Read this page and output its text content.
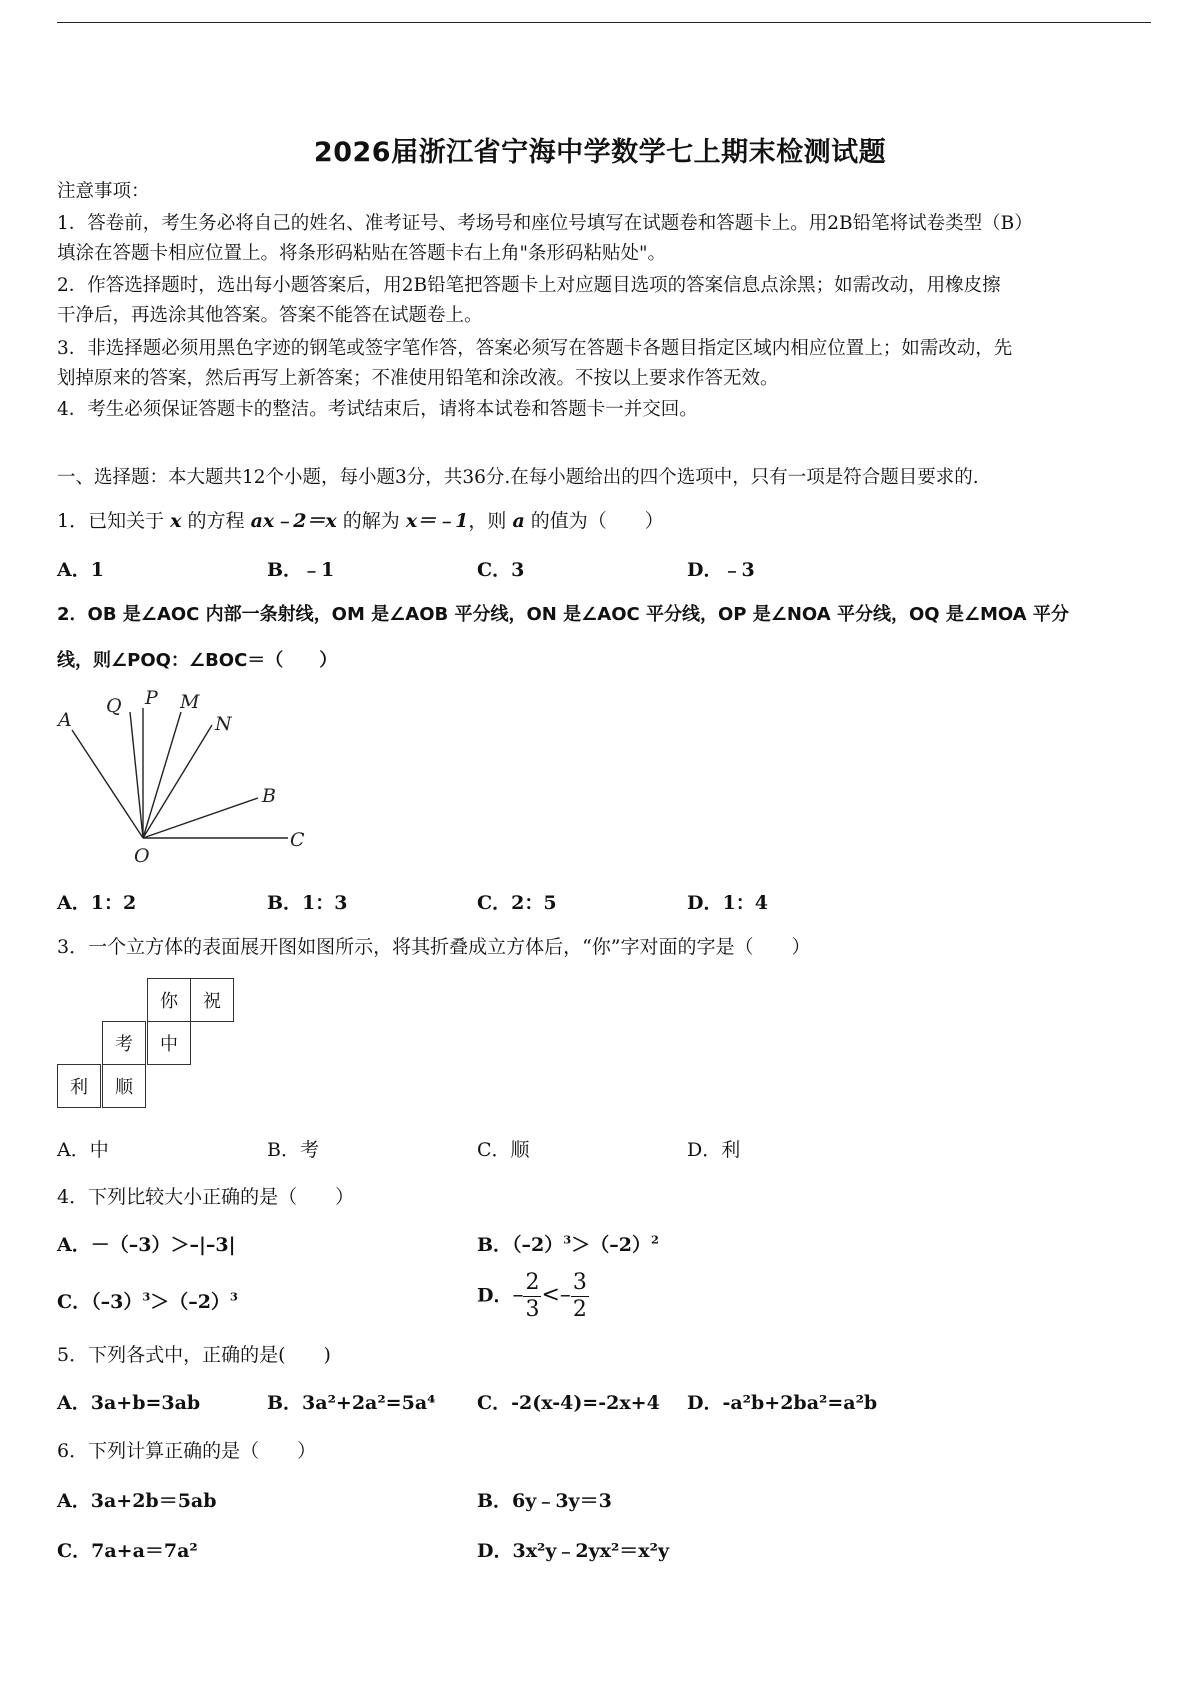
2026届浙江省宁海中学数学七上期末检测试题
注意事项：
1．答卷前，考生务必将自己的姓名、准考证号、考场号和座位号填写在试题卷和答题卡上。用2B铅笔将试卷类型（B）
填涂在答题卡相应位置上。将条形码粘贴在答题卡右上角"条形码粘贴处"。
2．作答选择题时，选出每小题答案后，用2B铅笔把答题卡上对应题目选项的答案信息点涂黑；如需改动，用橡皮擦
干净后，再选涂其他答案。答案不能答在试题卷上。
3．非选择题必须用黑色字迹的钢笔或签字笔作答，答案必须写在答题卡各题目指定区域内相应位置上；如需改动，先
划掉原来的答案，然后再写上新答案；不准使用铅笔和涂改液。不按以上要求作答无效。
4．考生必须保证答题卡的整洁。考试结束后，请将本试卷和答题卡一并交回。
一、选择题：本大题共12个小题，每小题3分，共36分.在每小题给出的四个选项中，只有一项是符合题目要求的.
1．已知关于 x 的方程 ax﹣2＝x 的解为 x＝﹣1，则 a 的值为（　　）
A．1	B．﹣1	C．3	D．﹣3
2．OB 是∠AOC 内部一条射线，OM 是∠AOB 平分线，ON 是∠AOC 平分线，OP 是∠NOA 平分线，OQ 是∠MOA 平分
线，则∠POQ：∠BOC＝（　　）
A
Q P M
N
B
C
O
A．1：2	B．1：3	C．2：5	D．1：4
3．一个立方体的表面展开图如图所示，将其折叠成立方体后，“你”字对面的字是（　　）
你	祝
考	中
利	顺
A．中	B．考	C．顺	D．利
4．下列比较大小正确的是（　　）
A．－（–3）＞–|–3|	B．$(-2)^3>(-2)^2$
C．$(-3)^3>(-2)^3$	D．– $\frac{2}{3} <- \frac{3}{2}$
5．下列各式中，正确的是(　　)
A．3a+b=3ab	B．3a²+2a²=5a⁴ C．-2(x-4)=-2x+4 D．-a²b+2ba²=a²b
6．下列计算正确的是（　　）
A．3a+2b＝5ab	B．6y﹣3y＝3
C．7a+a＝7a²	D．3x²y﹣2yx²＝x²y
